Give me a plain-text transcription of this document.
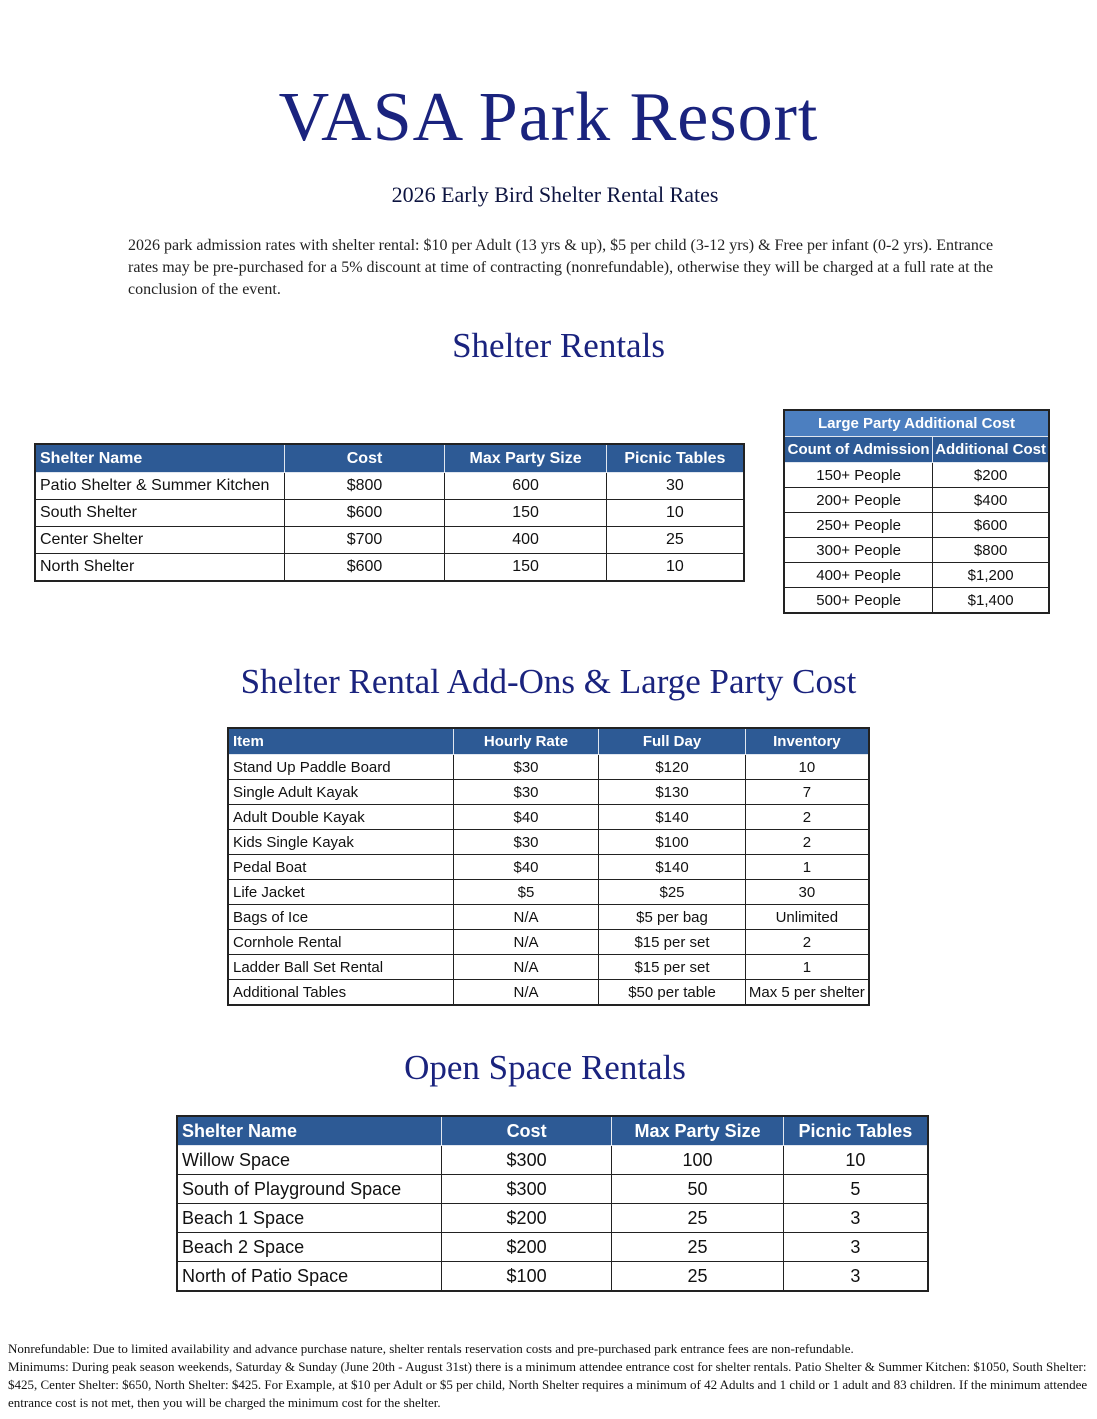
VASA Park Resort
2026 Early Bird Shelter Rental Rates
2026 park admission rates with shelter rental: $10 per Adult (13 yrs & up), $5 per child (3-12 yrs) & Free per infant (0-2 yrs). Entrance rates may be pre-purchased for a 5% discount at time of contracting (nonrefundable), otherwise they will be charged at a full rate at the conclusion of the event.
Shelter Rentals
Shelter Name	Cost	Max Party Size	Picnic Tables
Patio Shelter & Summer Kitchen	$800	600	30
South Shelter	$600	150	10
Center Shelter	$700	400	25
North Shelter	$600	150	10
Large Party Additional Cost	
Count of Admission	Additional Cost
150+ People	$200
200+ People	$400
250+ People	$600
300+ People	$800
400+ People	$1,200
500+ People	$1,400
Shelter Rental Add-Ons & Large Party Cost
Item	Hourly Rate	Full Day	Inventory
Stand Up Paddle Board	$30	$120	10
Single Adult Kayak	$30	$130	7
Adult Double Kayak	$40	$140	2
Kids Single Kayak	$30	$100	2
Pedal Boat	$40	$140	1
Life Jacket	$5	$25	30
Bags of Ice	N/A	$5 per bag	Unlimited
Cornhole Rental	N/A	$15 per set	2
Ladder Ball Set Rental	N/A	$15 per set	1
Additional Tables	N/A	$50 per table	Max 5 per shelter
Open Space Rentals
Shelter Name	Cost	Max Party Size	Picnic Tables
Willow Space	$300	100	10
South of Playground Space	$300	50	5
Beach 1 Space	$200	25	3
Beach 2 Space	$200	25	3
North of Patio Space	$100	25	3

Nonrefundable: Due to limited availability and advance purchase nature, shelter rentals reservation costs and pre-purchased park entrance fees are non-refundable.

Minimums: During peak season weekends, Saturday & Sunday (June 20th - August 31st) there is a minimum attendee entrance cost for shelter rentals. Patio Shelter & Summer Kitchen: $1050, South Shelter: $425, Center Shelter: $650, North Shelter: $425. For Example, at $10 per Adult or $5 per child, North Shelter requires a minimum of 42 Adults and 1 child or 1 adult and 83 children. If the minimum attendee entrance cost is not met, then you will be charged the minimum cost for the shelter.
